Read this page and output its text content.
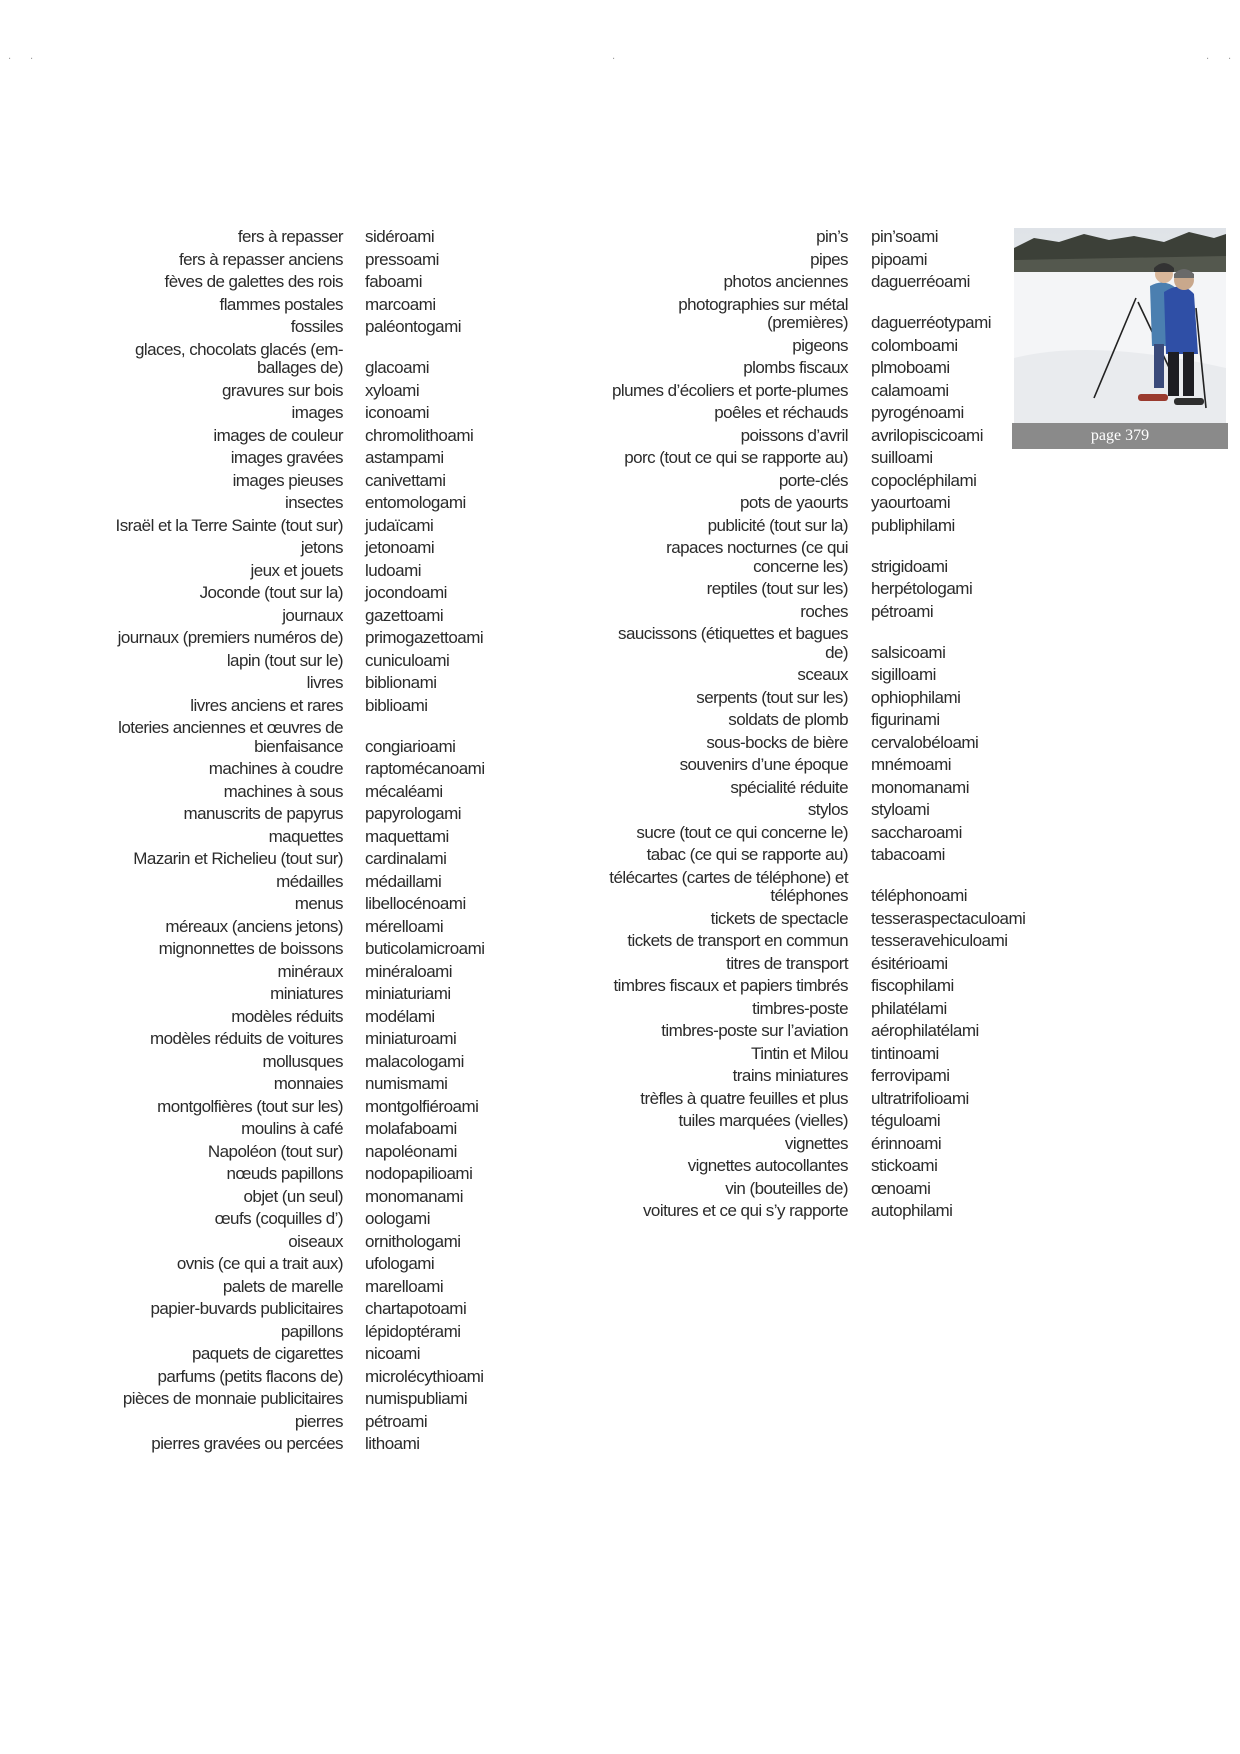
· ·	·	· ·
fers à repasser sidéroami
fers à repasser anciens pressoami
fèves de galettes des rois faboami
flammes postales marcoami
fossiles paléontogami
glaces, chocolats glacés (em-ballages de) glacoami
gravures sur bois xyloami
images iconoami
images de couleur chromolithoami
images gravées astampami
images pieuses canivettami
insectes entomologami
Israël et la Terre Sainte (tout sur) judaïcami
jetons jetonoami
jeux et jouets ludoami
Joconde (tout sur la) jocondoami
journaux gazettoami
journaux (premiers numéros de) primogazettoami
lapin (tout sur le) cuniculoami
livres biblionami
livres anciens et rares biblioami
loteries anciennes et œuvres de bienfaisance congiarioami
machines à coudre raptomécanoami
machines à sous mécaléami
manuscrits de papyrus papyrologami
maquettes maquettami
Mazarin et Richelieu (tout sur) cardinalami
médailles médaillami
menus libellocénoami
méreaux (anciens jetons) mérelloami
mignonnettes de boissons buticolamicroami
minéraux minéraloami
miniatures miniaturiami
modèles réduits modélami
modèles réduits de voitures miniaturoami
mollusques malacologami
monnaies numismami
montgolfières (tout sur les) montgolfiéroami
moulins à café molafaboami
Napoléon (tout sur) napoléonami
nœuds papillons nodopapilioami
objet (un seul) monomanami
œufs (coquilles d’) oologami
oiseaux ornithologami
ovnis (ce qui a trait aux) ufologami
palets de marelle marelloami
papier-buvards publicitaires chartapotoami
papillons lépidoptérami
paquets de cigarettes nicoami
parfums (petits flacons de) microlécythioami
pièces de monnaie publicitaires numispubliami
pierres pétroami
pierres gravées ou percées lithoami
pin’s pin’soami
pipes pipoami
photos anciennes daguerréoami
photographies sur métal (premières) daguerréotypami
pigeons colomboami
plombs fiscaux plmoboami
plumes d’écoliers et porte-plumes calamoami
poêles et réchauds pyrogénoami
poissons d’avril avrilopiscicoami
porc (tout ce qui se rapporte au) suilloami
porte-clés copocléphilami
pots de yaourts yaourtoami
publicité (tout sur la) publiphilami
rapaces nocturnes (ce qui concerne les) strigidoami
reptiles (tout sur les) herpétologami
roches pétroami
saucissons (étiquettes et bagues de) salsicoami
sceaux sigilloami
serpents (tout sur les) ophiophilami
soldats de plomb figurinami
sous-bocks de bière cervalobéloami
souvenirs d’une époque mnémoami
spécialité réduite monomanami
stylos styloami
sucre (tout ce qui concerne le) saccharoami
tabac (ce qui se rapporte au) tabacoami
télécartes (cartes de téléphone) et téléphones téléphonoami
tickets de spectacle tesseraspectaculoami
tickets de transport en commun tesseravehiculoami
titres de transport ésitérioami
timbres fiscaux et papiers timbrés fiscophilami
timbres-poste philatélami
timbres-poste sur l’aviation aérophilatélami
Tintin et Milou tintinoami
trains miniatures ferrovipami
trèfles à quatre feuilles et plus ultratrifolioami
tuiles marquées (vielles) téguloami
vignettes érinnoami
vignettes autocollantes stickoami
vin (bouteilles de) œnoami
voitures et ce qui s’y rapporte autophilami
page 379
